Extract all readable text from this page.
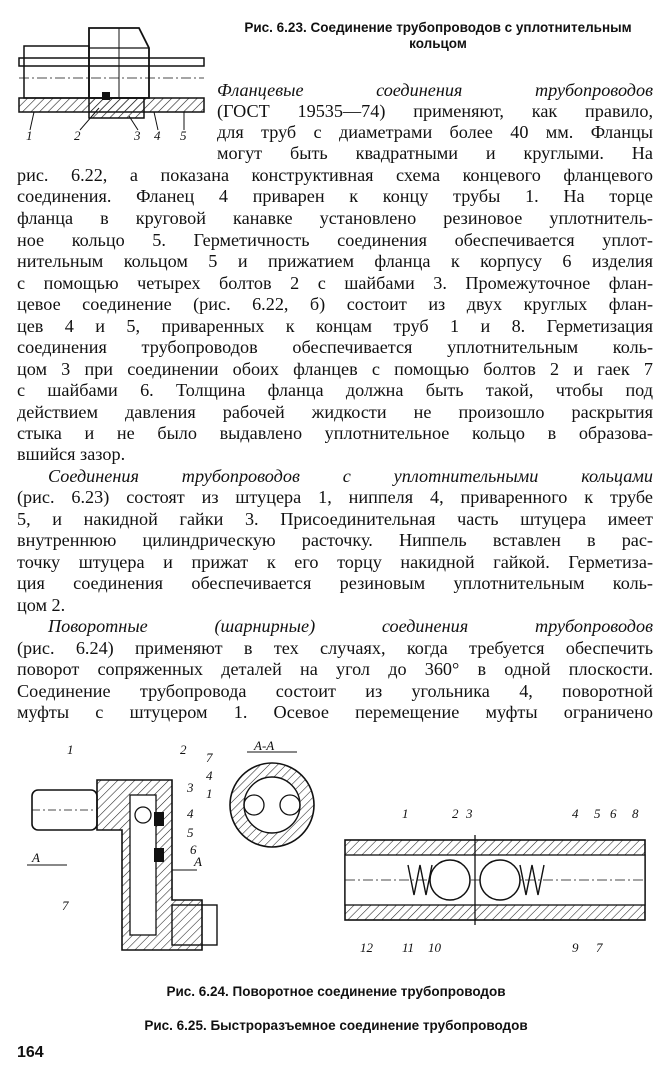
1	2	3 4 5
Рис. 6.23. Соединение трубопроводов с уплотнительным
кольцом
Фланцевые соединения трубопроводов
(ГОСТ 19535—74) применяют, как правило,
для труб с диаметрами более 40 мм. Фланцы
могут быть квадратными и круглыми. На
рис. 6.22, а показана конструктивная схема концевого фланцевого
соединения. Фланец 4 приварен к концу трубы 1. На торце
фланца в круговой канавке установлено резиновое уплотнитель-
ное кольцо 5. Герметичность соединения обеспечивается уплот-
нительным кольцом 5 и прижатием фланца к корпусу 6 изделия
с помощью четырех болтов 2 с шайбами 3. Промежуточное флан-
цевое соединение (рис. 6.22, б) состоит из двух круглых флан-
цев 4 и 5, приваренных к концам труб 1 и 8. Герметизация
соединения трубопроводов обеспечивается уплотнительным коль-
цом 3 при соединении обоих фланцев с помощью болтов 2 и гаек 7
с шайбами 6. Толщина фланца должна быть такой, чтобы под
действием давления рабочей жидкости не произошло раскрытия
стыка и не было выдавлено уплотнительное кольцо в образова-
вшийся зазор.
Соединения трубопроводов с уплотнительными кольцами
(рис. 6.23) состоят из штуцера 1, ниппеля 4, приваренного к трубе
5, и накидной гайки 3. Присоединительная часть штуцера имеет
внутреннюю цилиндрическую расточку. Ниппель вставлен в рас-
точку штуцера и прижат к его торцу накидной гайкой. Герметиза-
ция соединения обеспечивается резиновым уплотнительным коль-
цом 2.
Поворотные (шарнирные) соединения трубопроводов
(рис. 6.24) применяют в тех случаях, когда требуется обеспечить
поворот сопряженных деталей на угол до 360° в одной плоскости.
Соединение трубопровода состоит из угольника 4, поворотной
муфты с штуцером 1. Осевое перемещение муфты ограничено
1	2
3
4
5
6
7
7
4
1
А	А
А-А
1	2 3	4 5 6 8
12 11 10	9 7
Рис. 6.24. Поворотное соединение трубопроводов
Рис. 6.25. Быстроразъемное соединение трубопроводов
164
